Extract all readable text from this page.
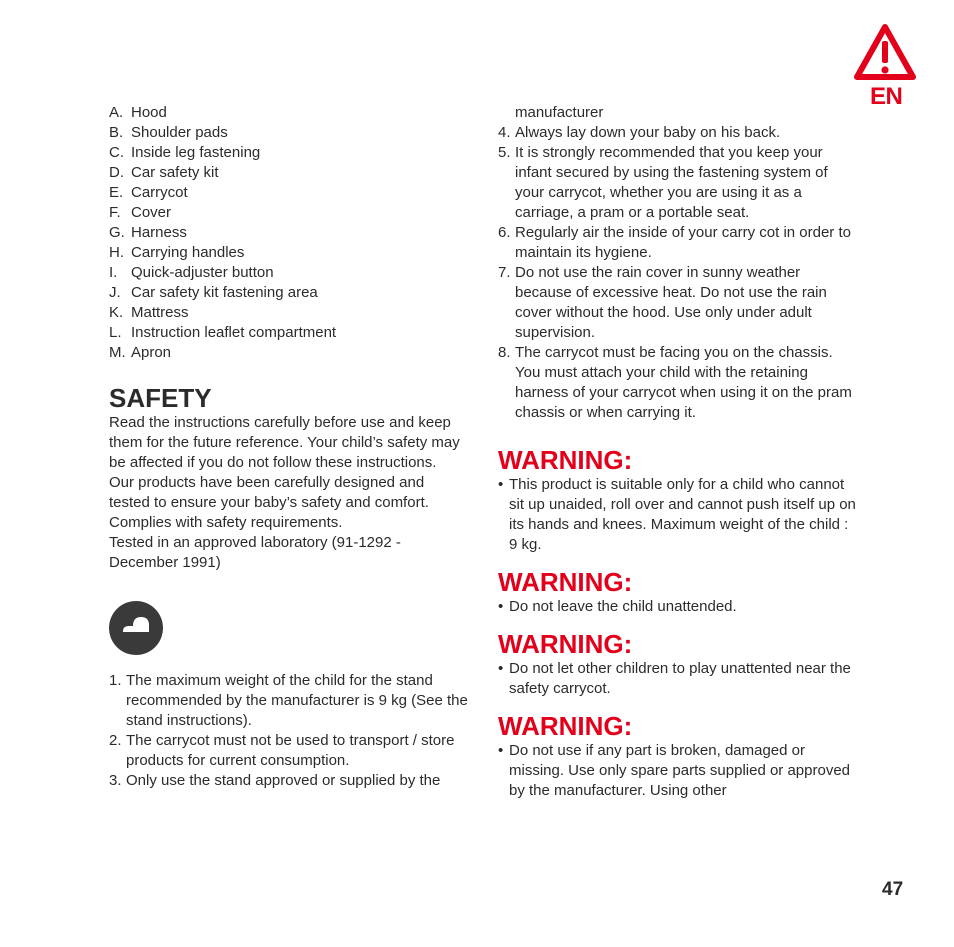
EN
A. Hood
B. Shoulder pads
C. Inside leg fastening
D. Car safety kit
E. Carrycot
F. Cover
G. Harness
H. Carrying handles
I. Quick-adjuster button
J. Car safety kit fastening area
K. Mattress
L. Instruction leaflet compartment
M. Apron
SAFETY

Read the instructions carefully before use and keep them for the future reference. Your child’s safety may be affected if you do not follow these instructions.

Our products have been carefully designed and tested to ensure your baby’s safety and comfort.

Complies with safety requirements.

Tested in an approved laboratory (91-1292 - December 1991)

1. The maximum weight of the child for the stand recommended by the manufacturer is 9 kg (See the stand instructions).
2. The carrycot must not be used to transport / store products for current consumption.
3. Only use the stand approved or supplied by the
manufacturer
4. Always lay down your baby on his back.
5. It is strongly recommended that you keep your infant secured by using the fastening system of your carrycot, whether you are using it as a carriage, a pram or a portable seat.
6. Regularly air the inside of your carry cot in order to maintain its hygiene.
7. Do not use the rain cover in sunny weather because of excessive heat. Do not use the rain cover without the hood. Use only under adult supervision.
8. The carrycot must be facing you on the chassis. You must attach your child with the retaining harness of your carrycot when using it on the pram chassis or when carrying it.
WARNING:

• This product is suitable only for a child who cannot sit up unaided, roll over and cannot push itself up on its hands and knees. Maximum weight of the child : 9 kg.

WARNING:

• Do not leave the child unattended.

WARNING:

• Do not let other children to play unattented near the safety carrycot.

WARNING:

• Do not use if any part is broken, damaged or missing. Use only spare parts supplied or approved by the manufacturer. Using other

47
